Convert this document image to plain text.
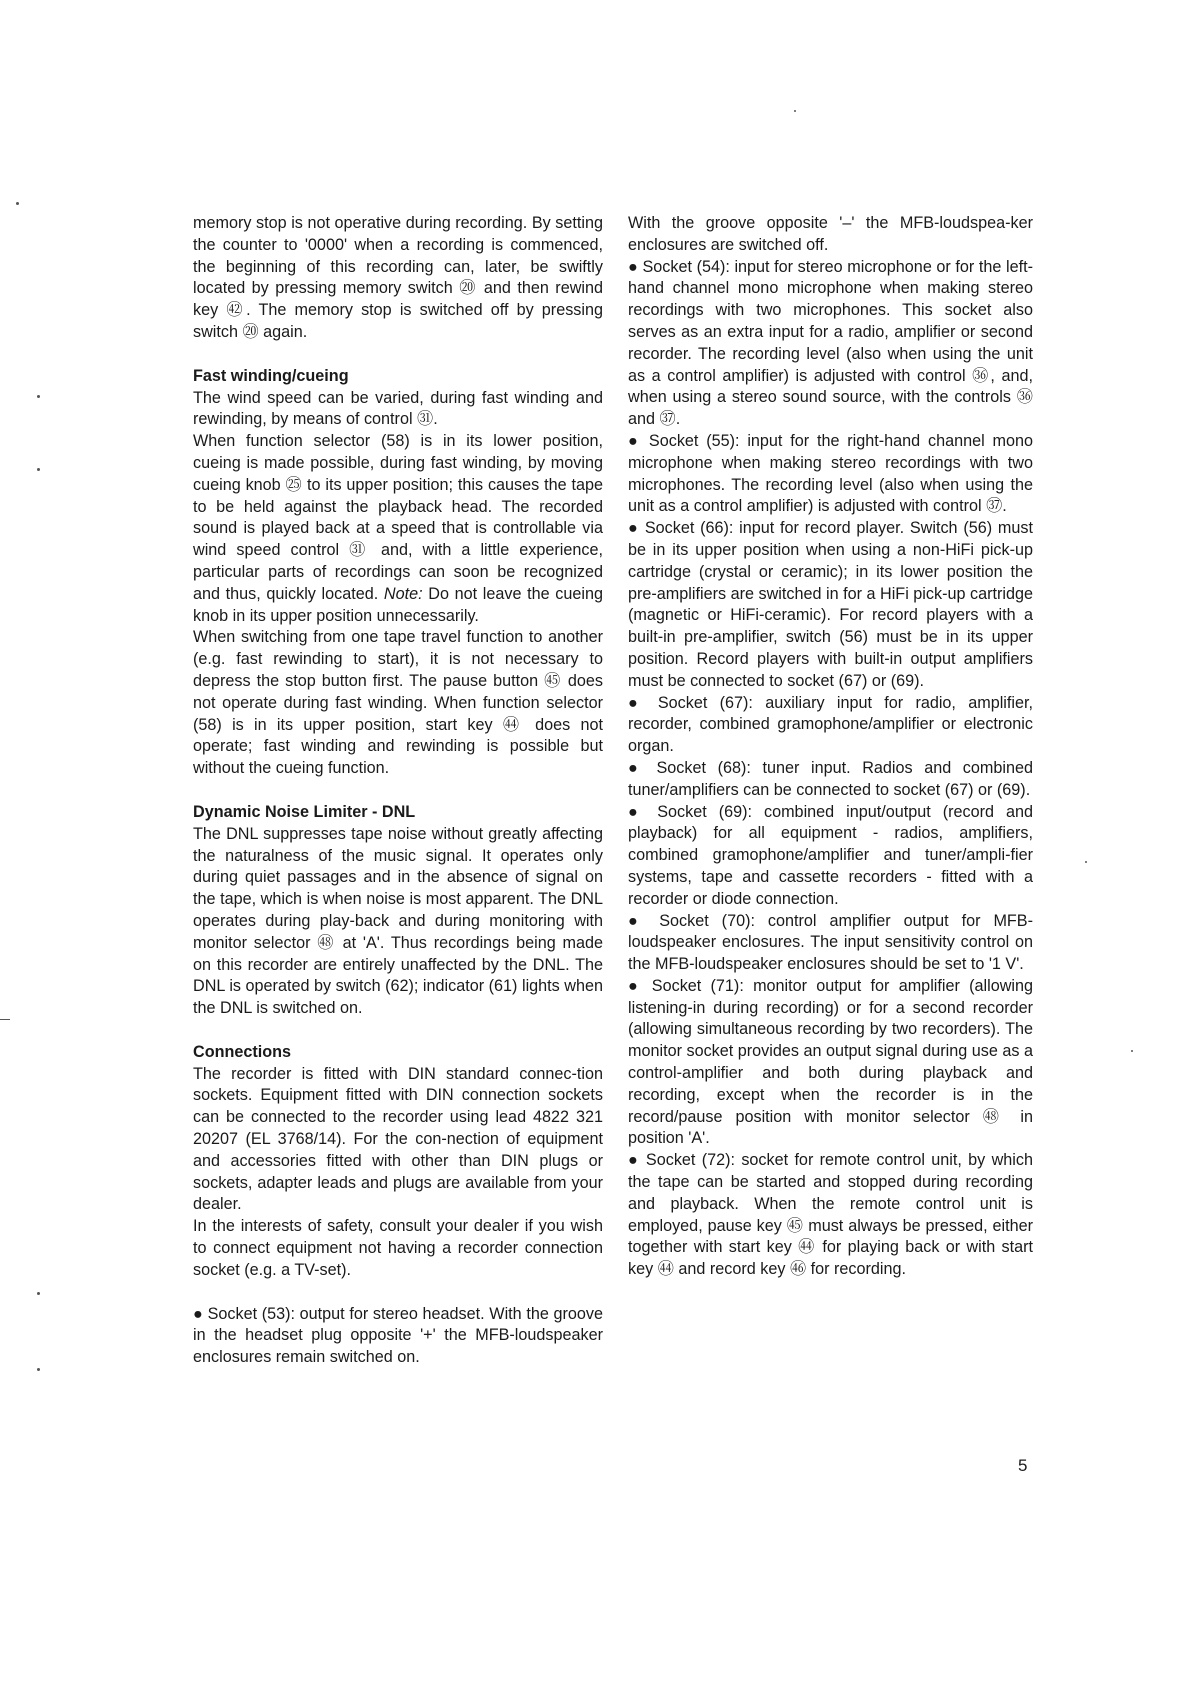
memory stop is not operative during recording. By setting the counter to '0000' when a recording is commenced, the beginning of this recording can, later, be swiftly located by pressing memory switch ⑳ and then rewind key ㊷. The memory stop is switched off by pressing switch ⑳ again.

Fast winding/cueing

The wind speed can be varied, during fast winding and rewinding, by means of control ㉛.

When function selector (58) is in its lower position, cueing is made possible, during fast winding, by moving cueing knob ㉕ to its upper position; this causes the tape to be held against the playback head. The recorded sound is played back at a speed that is controllable via wind speed control ㉛ and, with a little experience, particular parts of recordings can soon be recognized and thus, quickly located. Note: Do not leave the cueing knob in its upper position unnecessarily.

When switching from one tape travel function to another (e.g. fast rewinding to start), it is not necessary to depress the stop button first. The pause button ㊺ does not operate during fast winding. When function selector (58) is in its upper position, start key ㊹ does not operate; fast winding and rewinding is possible but without the cueing function.

Dynamic Noise Limiter - DNL

The DNL suppresses tape noise without greatly affecting the naturalness of the music signal. It operates only during quiet passages and in the absence of signal on the tape, which is when noise is most apparent. The DNL operates during play-back and during monitoring with monitor selector ㊽ at 'A'. Thus recordings being made on this recorder are entirely unaffected by the DNL. The DNL is operated by switch (62); indicator (61) lights when the DNL is switched on.

Connections

The recorder is fitted with DIN standard connec-tion sockets. Equipment fitted with DIN connection sockets can be connected to the recorder using lead 4822 321 20207 (EL 3768/14). For the con-nection of equipment and accessories fitted with other than DIN plugs or sockets, adapter leads and plugs are available from your dealer.

In the interests of safety, consult your dealer if you wish to connect equipment not having a recorder connection socket (e.g. a TV-set).

● Socket (53): output for stereo headset. With the groove in the headset plug opposite '+' the MFB-loudspeaker enclosures remain switched on.

With the groove opposite '–' the MFB-loudspea-ker enclosures are switched off.

● Socket (54): input for stereo microphone or for the left-hand channel mono microphone when making stereo recordings with two microphones. This socket also serves as an extra input for a radio, amplifier or second recorder. The recording level (also when using the unit as a control amplifier) is adjusted with control ㊱, and, when using a stereo sound source, with the controls ㊱ and ㊲.

● Socket (55): input for the right-hand channel mono microphone when making stereo recordings with two microphones. The recording level (also when using the unit as a control amplifier) is adjusted with control ㊲.

● Socket (66): input for record player. Switch (56) must be in its upper position when using a non-HiFi pick-up cartridge (crystal or ceramic); in its lower position the pre-amplifiers are switched in for a HiFi pick-up cartridge (magnetic or HiFi-ceramic). For record players with a built-in pre-amplifier, switch (56) must be in its upper position. Record players with built-in output amplifiers must be connected to socket (67) or (69).

● Socket (67): auxiliary input for radio, amplifier, recorder, combined gramophone/amplifier or electronic organ.

● Socket (68): tuner input. Radios and combined tuner/amplifiers can be connected to socket (67) or (69).

● Socket (69): combined input/output (record and playback) for all equipment - radios, amplifiers, combined gramophone/amplifier and tuner/ampli-fier systems, tape and cassette recorders - fitted with a recorder or diode connection.

● Socket (70): control amplifier output for MFB-loudspeaker enclosures. The input sensitivity control on the MFB-loudspeaker enclosures should be set to '1 V'.

● Socket (71): monitor output for amplifier (allowing listening-in during recording) or for a second recorder (allowing simultaneous recording by two recorders). The monitor socket provides an output signal during use as a control-amplifier and both during playback and recording, except when the recorder is in the record/pause position with monitor selector ㊽ in position 'A'.

● Socket (72): socket for remote control unit, by which the tape can be started and stopped during recording and playback. When the remote control unit is employed, pause key ㊺ must always be pressed, either together with start key ㊹ for playing back or with start key ㊹ and record key ㊻ for recording.

5
